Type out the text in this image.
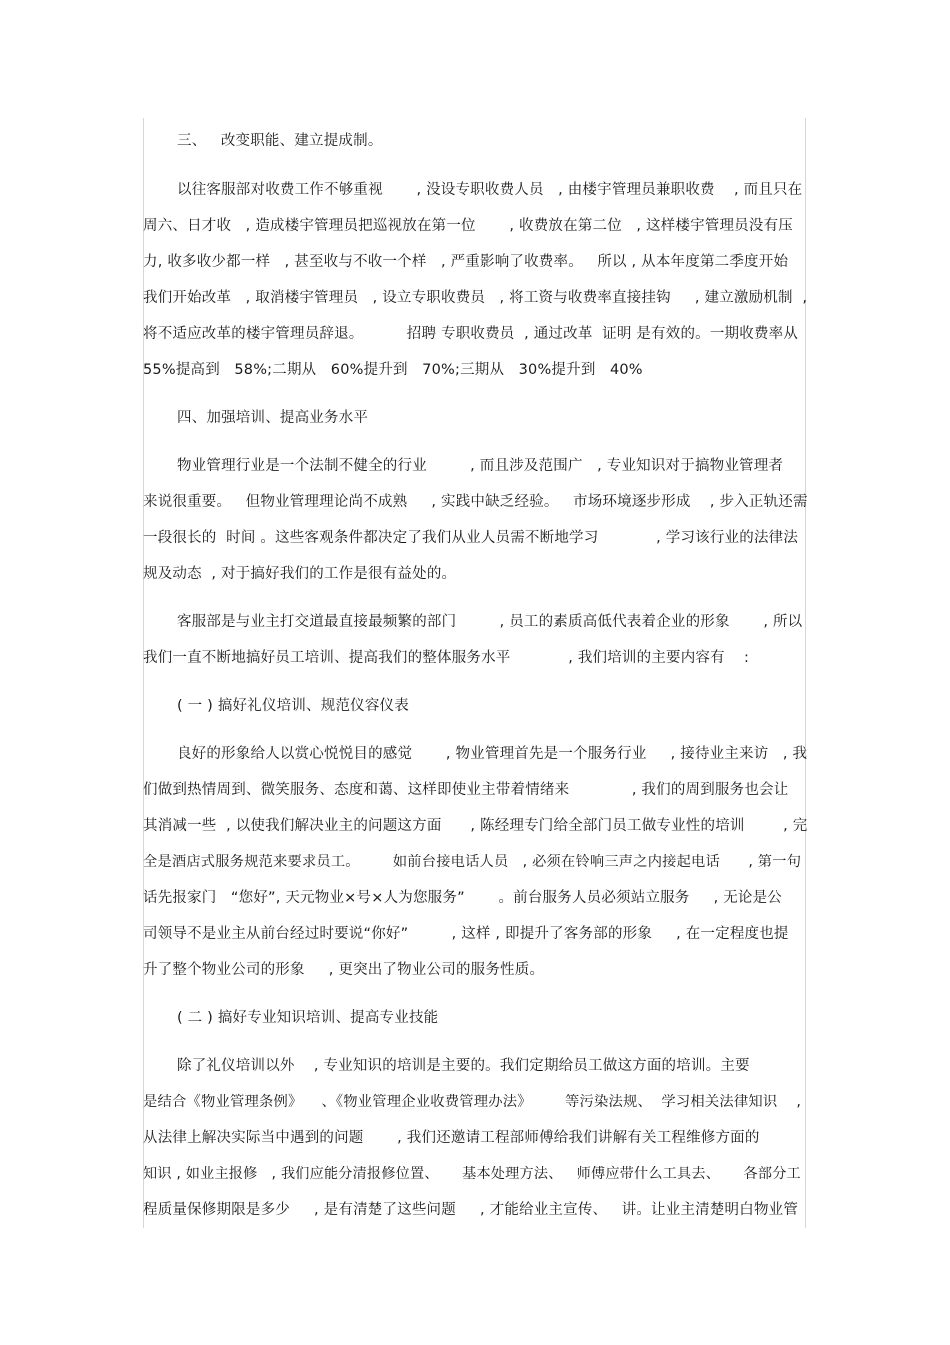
三、   改变职能、建立提成制。
以往客服部对收费工作不够重视       , 没设专职收费人员   , 由楼宇管理员兼职收费    , 而且只在
周六、日才收   , 造成楼宇管理员把巡视放在第一位       , 收费放在第二位   , 这样楼宇管理员没有压
力, 收多收少都一样   , 甚至收与不收一个样   , 严重影响了收费率。   所以 , 从本年度第二季度开始
我们开始改革   , 取消楼宇管理员   , 设立专职收费员   , 将工资与收费率直接挂钩     , 建立激励机制  ,
将不适应改革的楼宇管理员辞退。         招聘 专职收费员  , 通过改革  证明 是有效的。一期收费率从
55%提高到   58%;二期从   60%提升到   70%;三期从   30%提升到   40%
四、加强培训、提高业务水平
物业管理行业是一个法制不健全的行业         , 而且涉及范围广   , 专业知识对于搞物业管理者
来说很重要。   但物业管理理论尚不成熟     , 实践中缺乏经验。   市场环境逐步形成    , 步入正轨还需
一段很长的  时间 。这些客观条件都决定了我们从业人员需不断地学习            , 学习该行业的法律法
规及动态  , 对于搞好我们的工作是很有益处的。
客服部是与业主打交道最直接最频繁的部门         , 员工的素质高低代表着企业的形象       , 所以
我们一直不断地搞好员工培训、提高我们的整体服务水平            , 我们培训的主要内容有    :
( 一 ) 搞好礼仪培训、规范仪容仪表
良好的形象给人以赏心悦悦目的感觉       , 物业管理首先是一个服务行业     , 接待业主来访   , 我
们做到热情周到、微笑服务、态度和蔼、这样即使业主带着情绪来             , 我们的周到服务也会让
其消减一些  , 以使我们解决业主的问题这方面      , 陈经理专门给全部门员工做专业性的培训        , 完
全是酒店式服务规范来要求员工。       如前台接电话人员   , 必须在铃响三声之内接起电话      , 第一句
话先报家门   “您好”, 天元物业×号×人为您服务”       。前台服务人员必须站立服务     , 无论是公
司领导不是业主从前台经过时要说“你好”         , 这样 , 即提升了客务部的形象     , 在一定程度也提
升了整个物业公司的形象     , 更突出了物业公司的服务性质。
( 二 ) 搞好专业知识培训、提高专业技能
除了礼仪培训以外    , 专业知识的培训是主要的。我们定期给员工做这方面的培训。主要
是结合《物业管理条例》    、《物业管理企业收费管理办法》       等污染法规、  学习相关法律知识    ,
从法律上解决实际当中遇到的问题       , 我们还邀请工程部师傅给我们讲解有关工程维修方面的
知识 , 如业主报修   , 我们应能分清报修位置、     基本处理方法、   师傅应带什么工具去、     各部分工
程质量保修期限是多少     , 是有清楚了这些问题     , 才能给业主宣传、   讲。让业主清楚明白物业管
